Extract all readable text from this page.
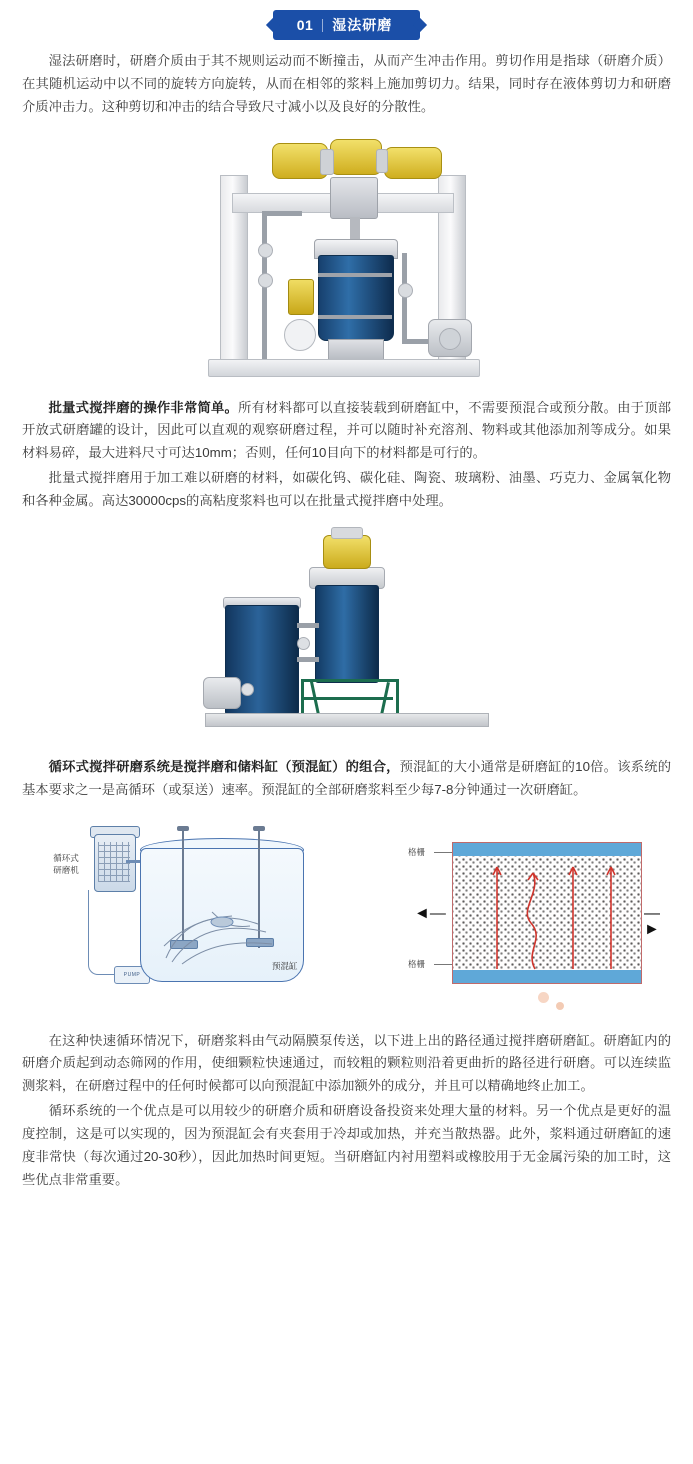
01 湿法研磨

湿法研磨时，研磨介质由于其不规则运动而不断撞击，从而产生冲击作用。剪切作用是指球（研磨介质）在其随机运动中以不同的旋转方向旋转，从而在相邻的浆料上施加剪切力。结果，同时存在液体剪切力和研磨介质冲击力。这种剪切和冲击的结合导致尺寸减小以及良好的分散性。

批量式搅拌磨的操作非常简单。所有材料都可以直接装载到研磨缸中，不需要预混合或预分散。由于顶部开放式研磨罐的设计，因此可以直观的观察研磨过程，并可以随时补充溶剂、物料或其他添加剂等成分。如果材料易碎，最大进料尺寸可达10mm；否则，任何10目向下的材料都是可行的。

批量式搅拌磨用于加工难以研磨的材料，如碳化钨、碳化硅、陶瓷、玻璃粉、油墨、巧克力、金属氧化物和各种金属。高达30000cps的高粘度浆料也可以在批量式搅拌磨中处理。

循环式搅拌研磨系统是搅拌磨和储料缸（预混缸）的组合，预混缸的大小通常是研磨缸的10倍。该系统的基本要求之一是高循环（或泵送）速率。预混缸的全部研磨浆料至少每7-8分钟通过一次研磨缸。

循环式
研磨机
PUMP
预混缸
格栅
格栅
◄—	—►

在这种快速循环情况下，研磨浆料由气动隔膜泵传送，以下进上出的路径通过搅拌磨研磨缸。研磨缸内的研磨介质起到动态筛网的作用，使细颗粒快速通过，而较粗的颗粒则沿着更曲折的路径进行研磨。可以连续监测浆料，在研磨过程中的任何时候都可以向预混缸中添加额外的成分，并且可以精确地终止加工。

循环系统的一个优点是可以用较少的研磨介质和研磨设备投资来处理大量的材料。另一个优点是更好的温度控制，这是可以实现的，因为预混缸会有夹套用于冷却或加热，并充当散热器。此外，浆料通过研磨缸的速度非常快（每次通过20-30秒），因此加热时间更短。当研磨缸内衬用塑料或橡胶用于无金属污染的加工时，这些优点非常重要。
